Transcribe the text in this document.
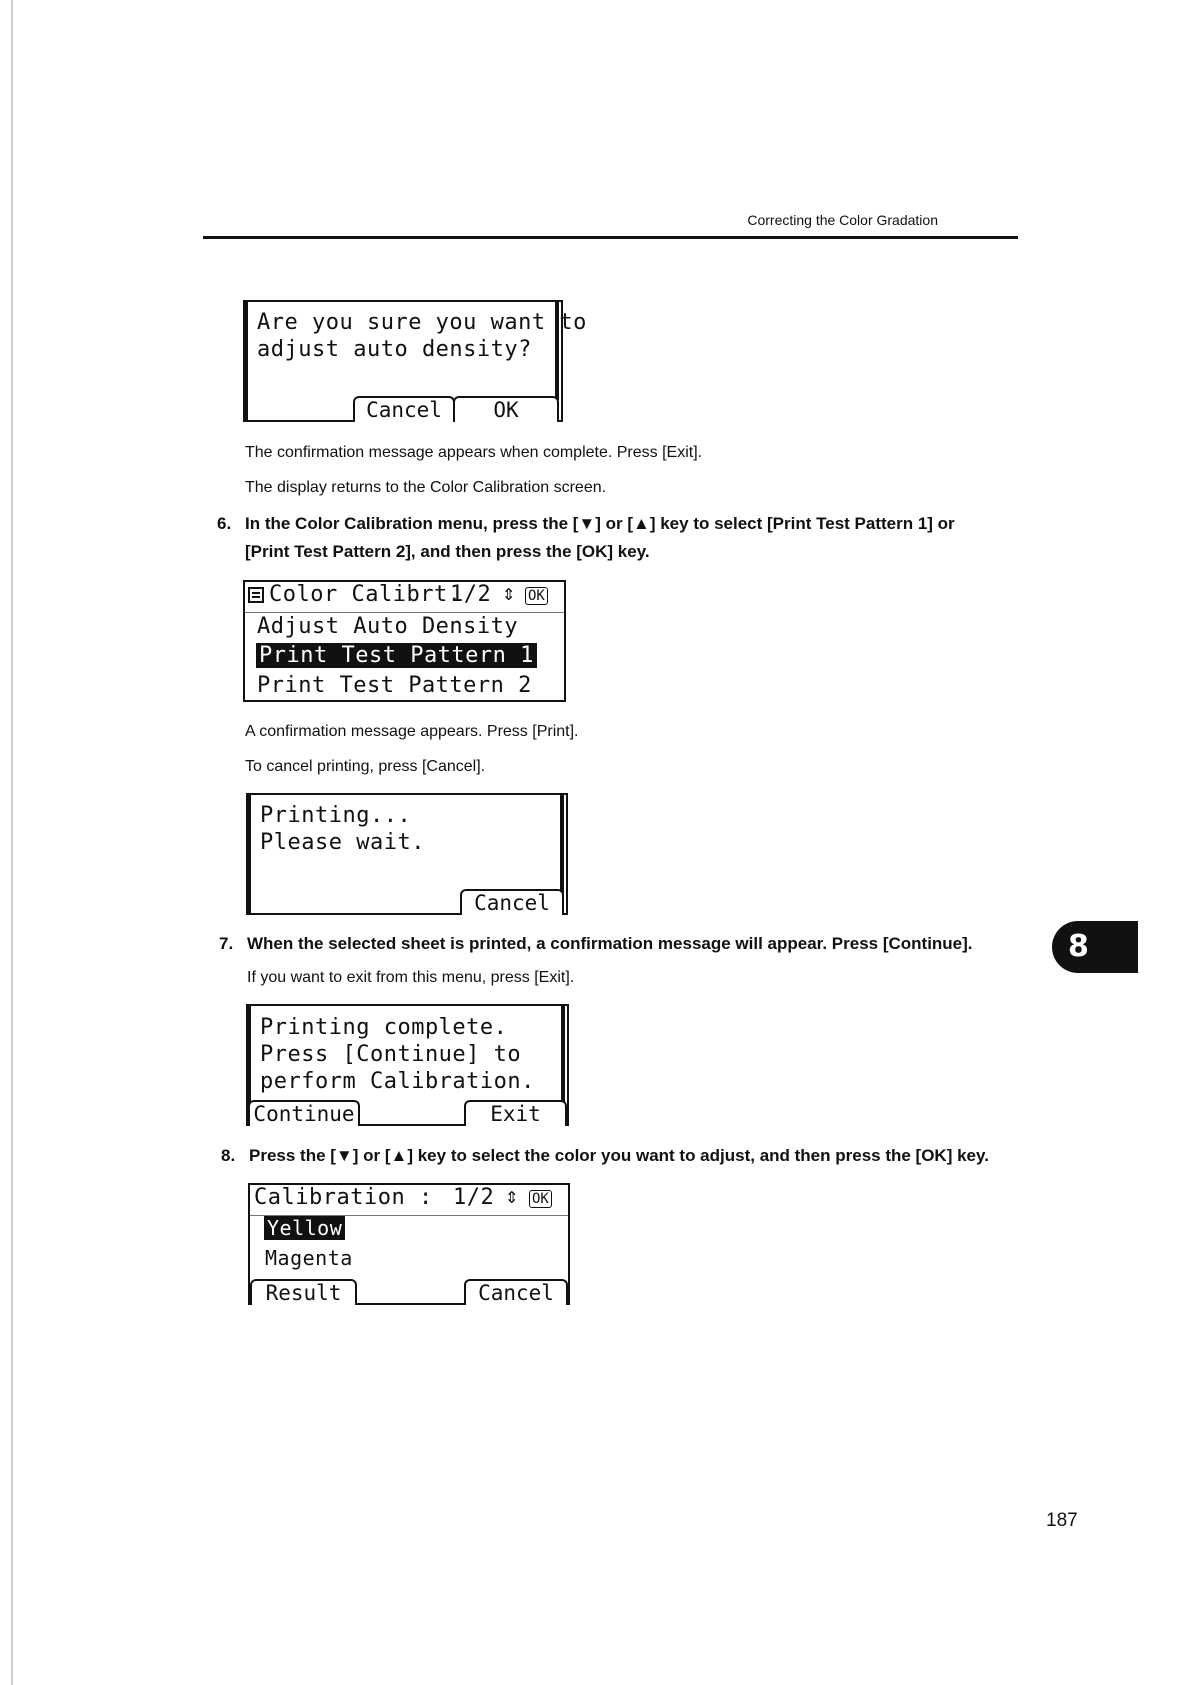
Correcting the Color Gradation
Are you sure you want to
adjust auto density?
Cancel	OK
The confirmation message appears when complete. Press [Exit].
The display returns to the Color Calibration screen.
6. In the Color Calibration menu, press the [▼] or [▲] key to select [Print Test Pattern 1] or
[Print Test Pattern 2], and then press the [OK] key.
Color Calibrt.
1/2 ⇕ OK
Adjust Auto Density
Print Test Pattern 1
Print Test Pattern 2
A confirmation message appears. Press [Print].
To cancel printing, press [Cancel].
Printing...
Please wait.
Cancel
7. When the selected sheet is printed, a confirmation message will appear. Press [Continue].
If you want to exit from this menu, press [Exit].
Printing complete.
Press [Continue] to
perform Calibration.
Continue	Exit
8. Press the [▼] or [▲] key to select the color you want to adjust, and then press the [OK] key.
Calibration : 1/2 ⇕ OK
Yellow
Magenta
Result	Cancel
8
187
